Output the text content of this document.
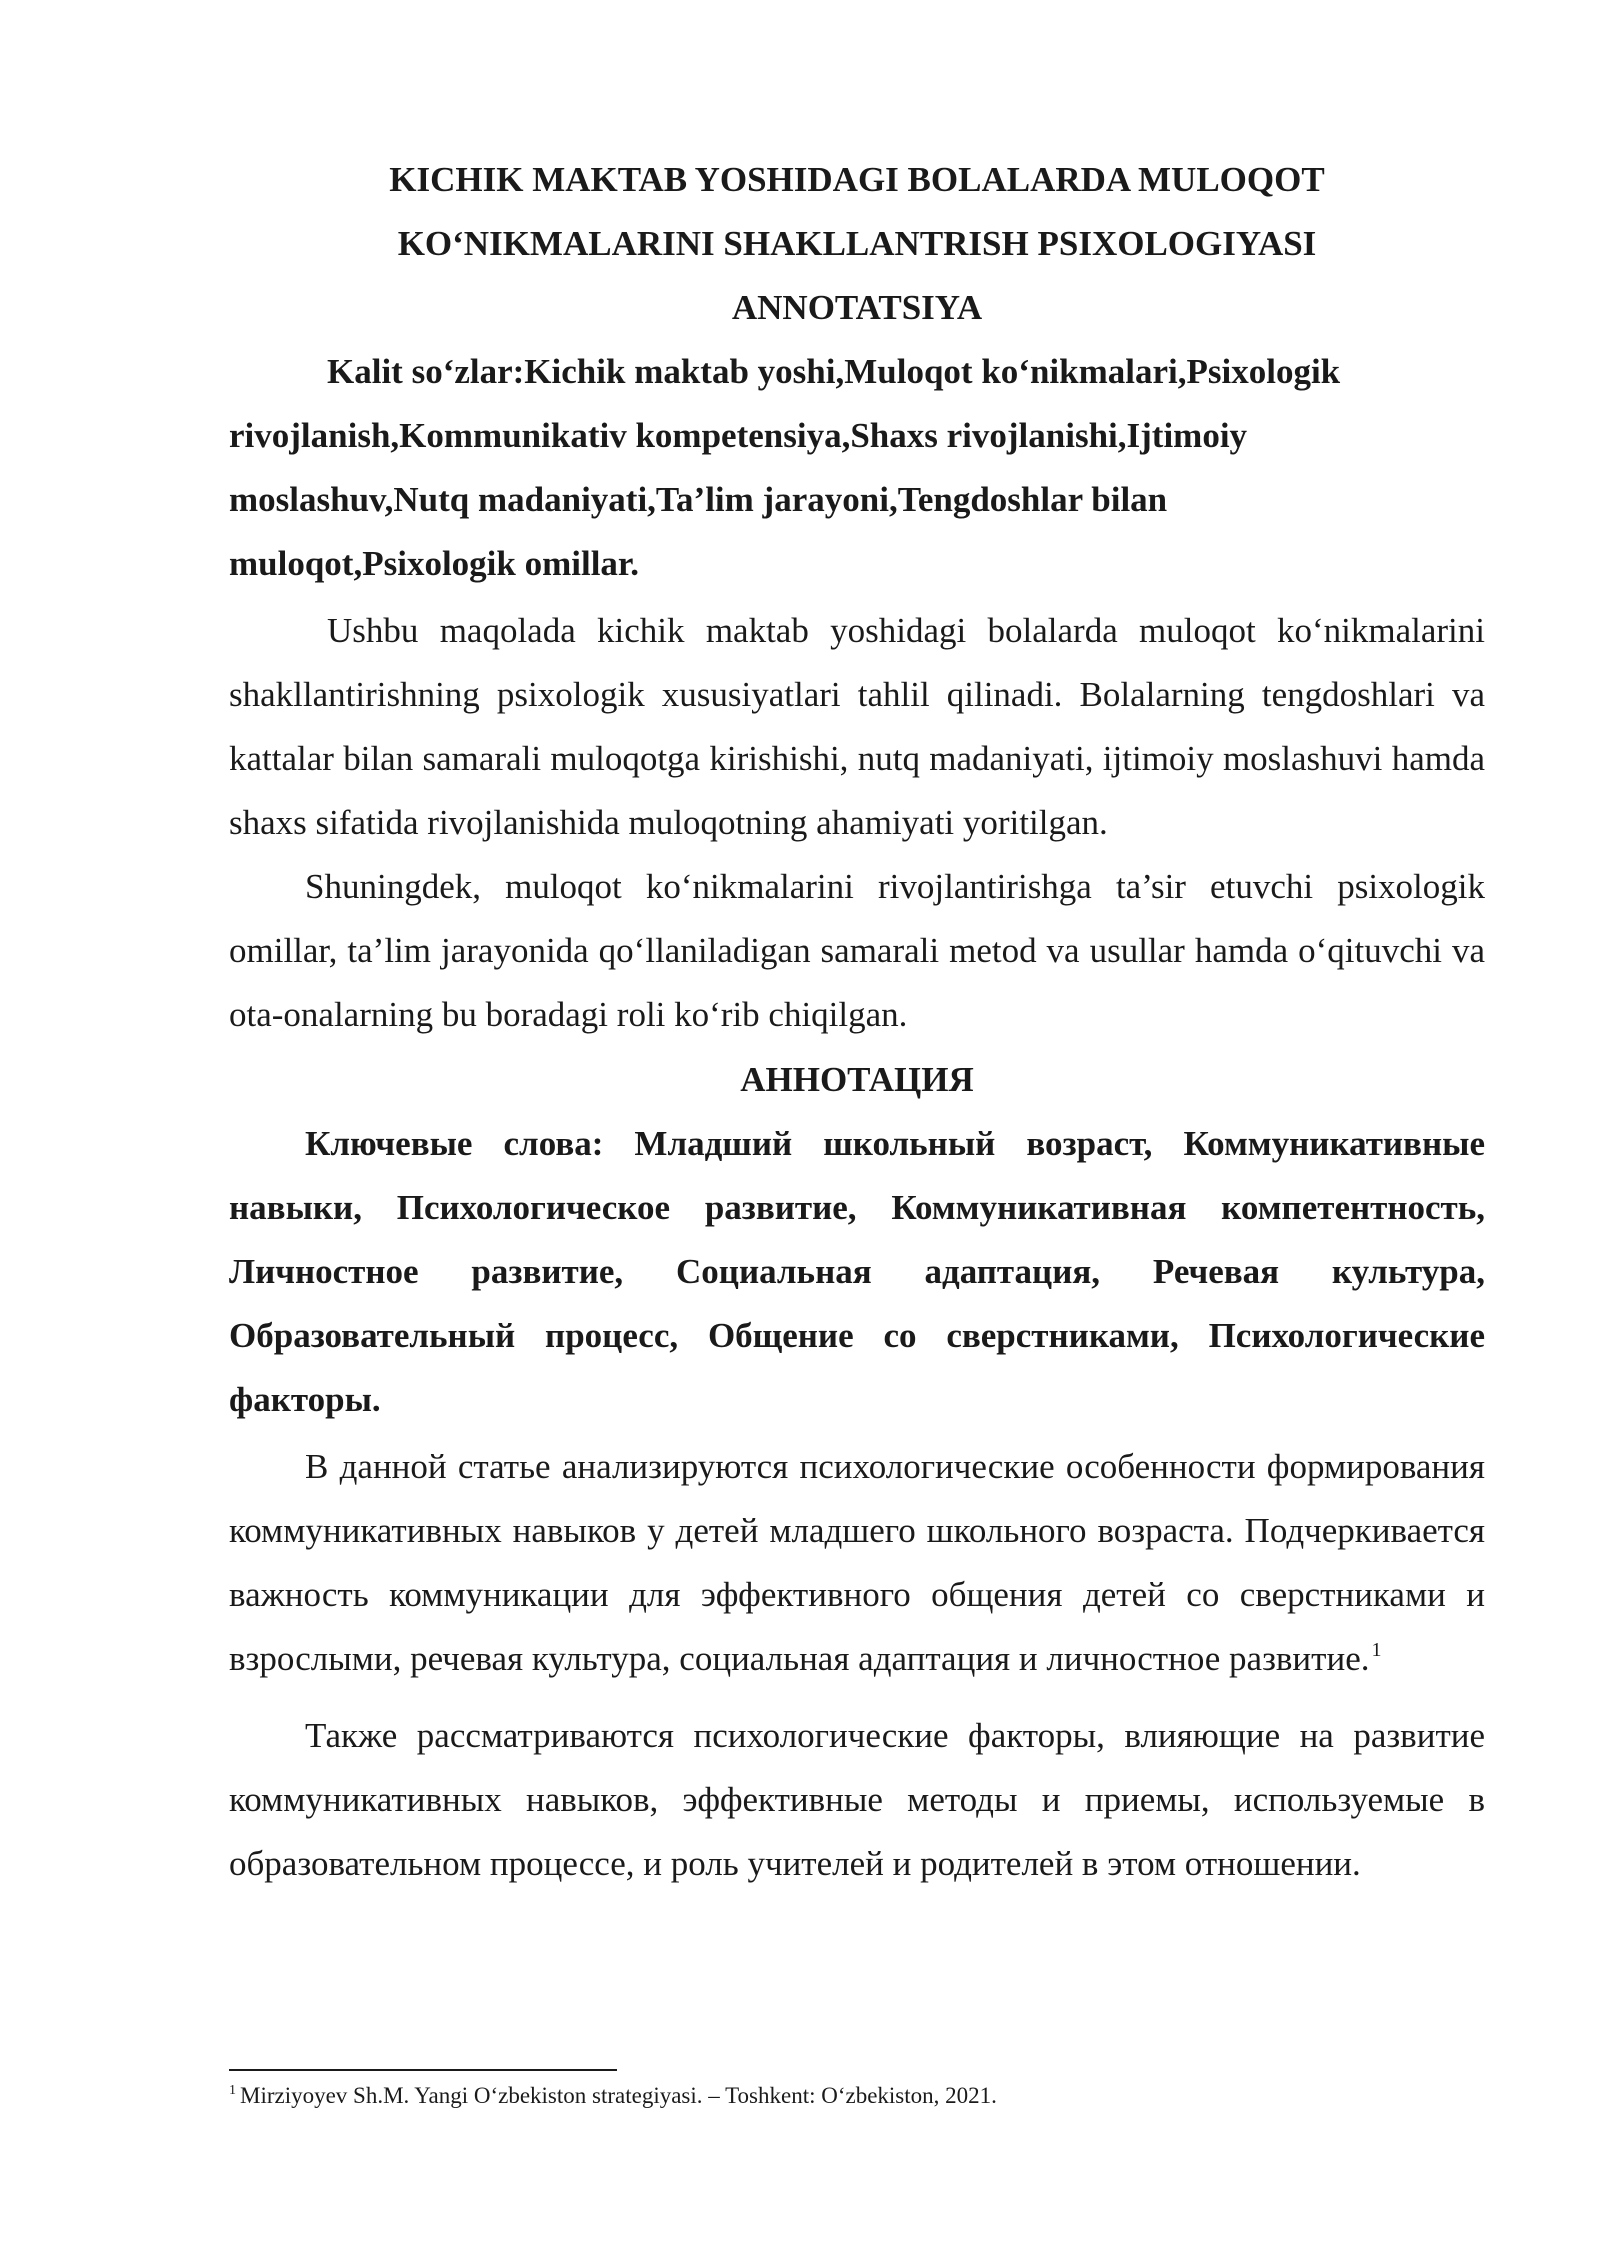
KICHIK MAKTAB YOSHIDAGI BOLALARDA MULOQOT
KOʻNIKMALARINI SHAKLLANTRISH PSIXOLOGIYASI
ANNOTATSIYA

Kalit soʻzlar:Kichik maktab yoshi,Muloqot koʻnikmalari,Psixologik rivojlanish,Kommunikativ kompetensiya,Shaxs rivojlanishi,Ijtimoiy moslashuv,Nutq madaniyati,Ta’lim jarayoni,Tengdoshlar bilan muloqot,Psixologik omillar.

Ushbu maqolada kichik maktab yoshidagi bolalarda muloqot koʻnikmalarini shakllantirishning psixologik xususiyatlari tahlil qilinadi. Bolalarning tengdoshlari va kattalar bilan samarali muloqotga kirishishi, nutq madaniyati, ijtimoiy moslashuvi hamda shaxs sifatida rivojlanishida muloqotning ahamiyati yoritilgan.

Shuningdek, muloqot koʻnikmalarini rivojlantirishga ta’sir etuvchi psixologik omillar, ta’lim jarayonida qoʻllaniladigan samarali metod va usullar hamda oʻqituvchi va ota-onalarning bu boradagi roli koʻrib chiqilgan.

АННОТАЦИЯ

Ключевые слова: Младший школьный возраст, Коммуникативные навыки, Психологическое развитие, Коммуникативная компетентность, Личностное развитие, Социальная адаптация, Речевая культура, Образовательный процесс, Общение со сверстниками, Психологические факторы.

В данной статье анализируются психологические особенности формирования коммуникативных навыков у детей младшего школьного возраста. Подчеркивается важность коммуникации для эффективного общения детей со сверстниками и взрослыми, речевая культура, социальная адаптация и личностное развитие. $^1$

Также рассматриваются психологические факторы, влияющие на развитие коммуникативных навыков, эффективные методы и приемы, используемые в образовательном процессе, и роль учителей и родителей в этом отношении.

$^1$ Mirziyoyev Sh.M. Yangi Oʻzbekiston strategiyasi. – Toshkent: Oʻzbekiston, 2021.
